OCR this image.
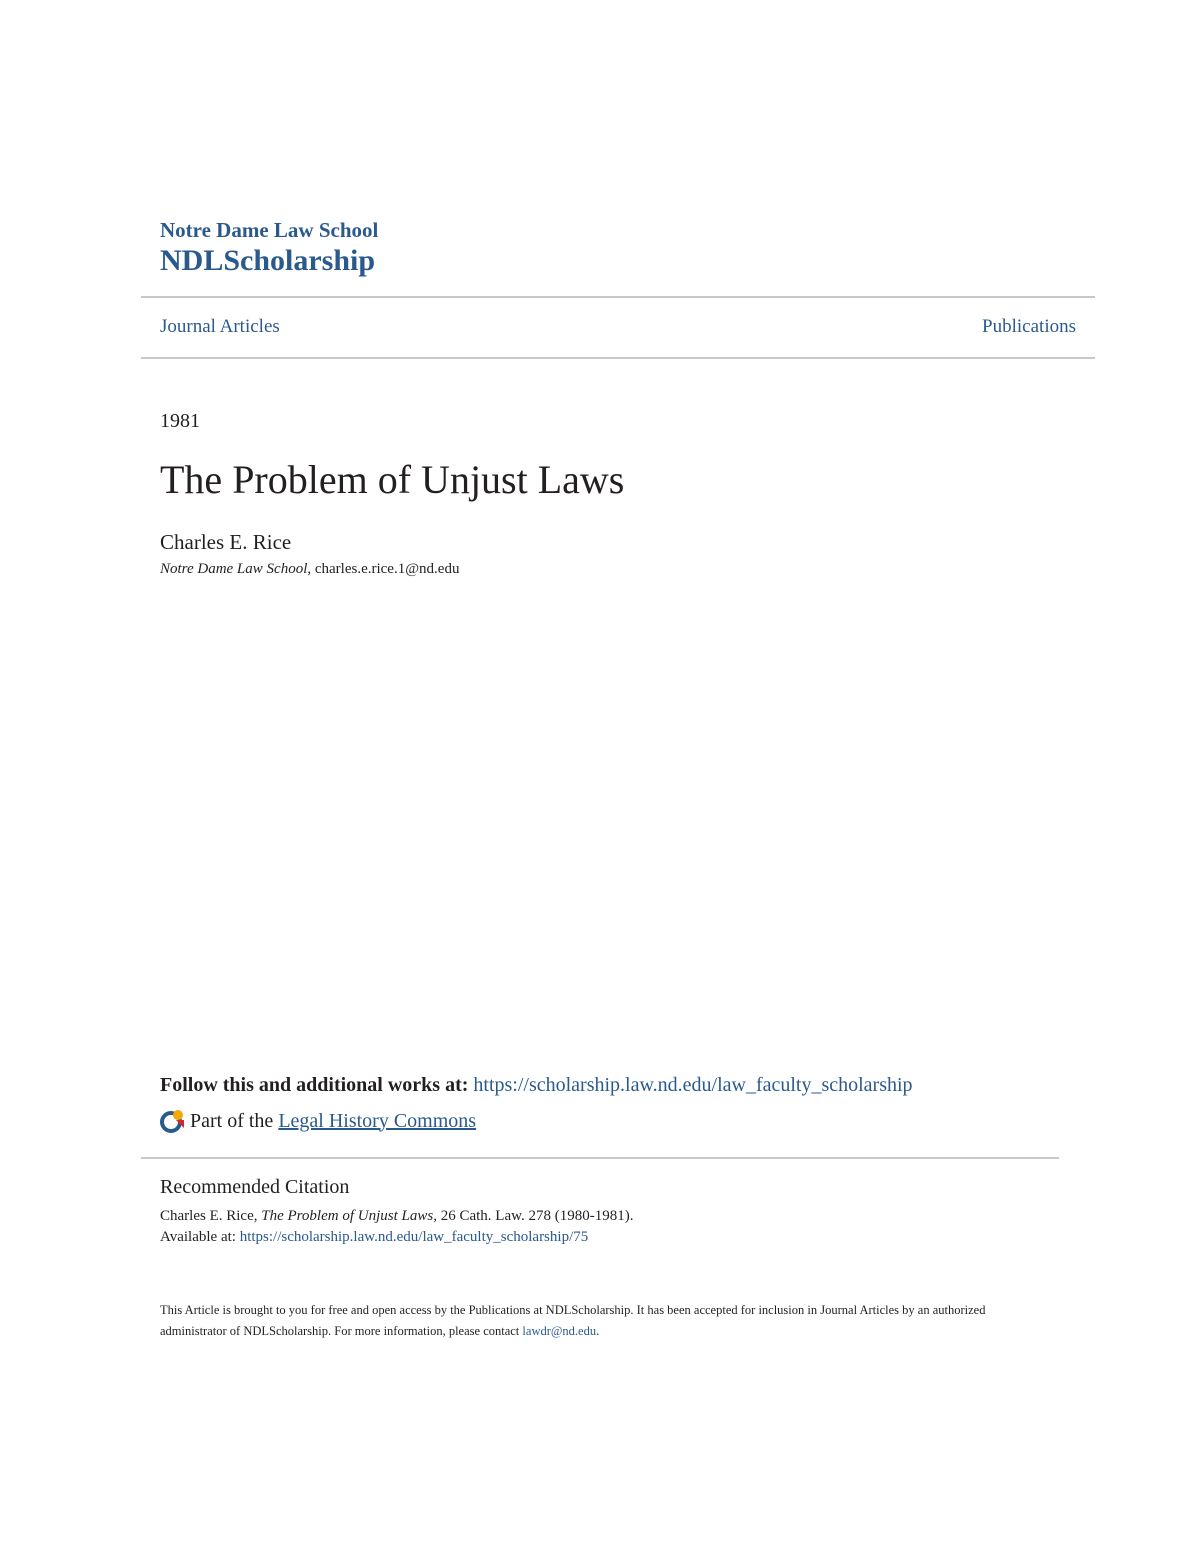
Notre Dame Law School
NDLScholarship
Journal Articles	Publications
1981
The Problem of Unjust Laws
Charles E. Rice
Notre Dame Law School, charles.e.rice.1@nd.edu
Follow this and additional works at: https://scholarship.law.nd.edu/law_faculty_scholarship
Part of the Legal History Commons
Recommended Citation
Charles E. Rice, The Problem of Unjust Laws, 26 Cath. Law. 278 (1980-1981).
Available at: https://scholarship.law.nd.edu/law_faculty_scholarship/75
This Article is brought to you for free and open access by the Publications at NDLScholarship. It has been accepted for inclusion in Journal Articles by an authorized administrator of NDLScholarship. For more information, please contact lawdr@nd.edu.
